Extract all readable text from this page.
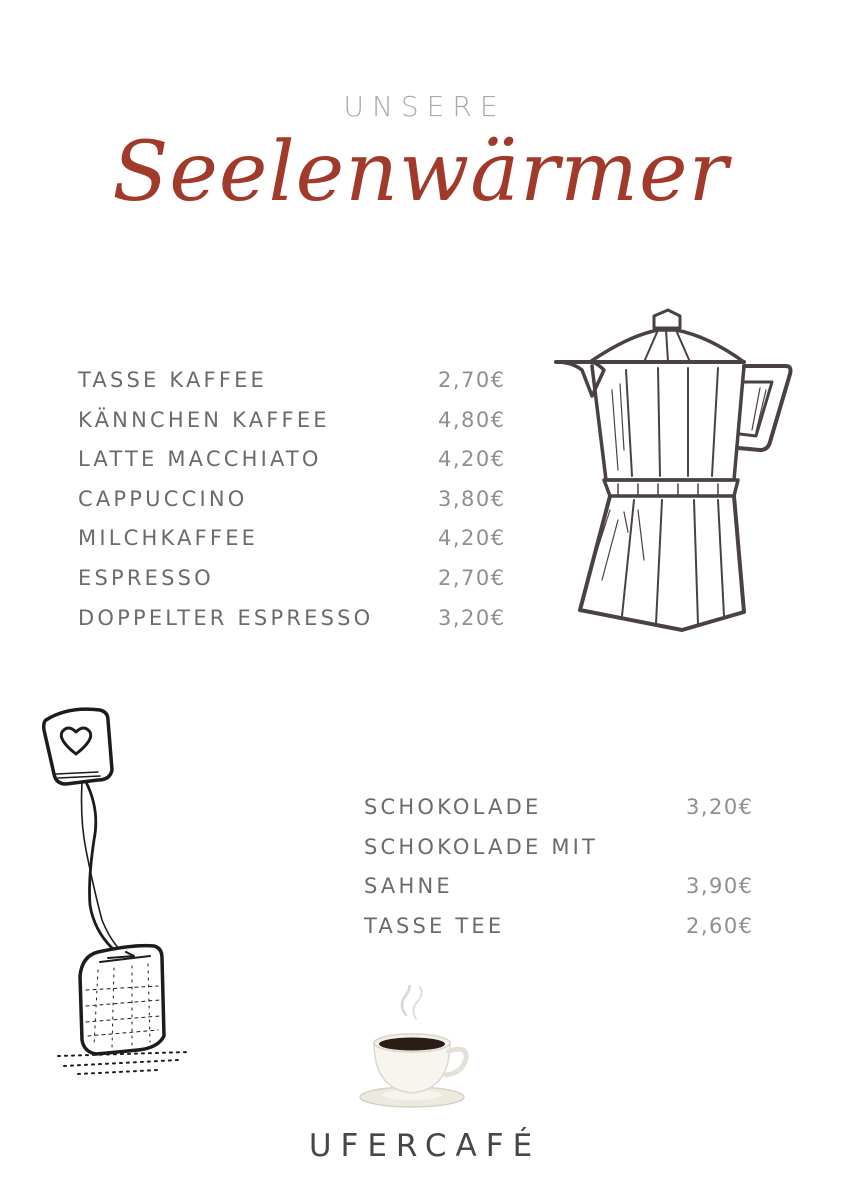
UNSERE
Seelenwärmer
TASSE KAFFEE	2,70€
KÄNNCHEN KAFFEE	4,80€
LATTE MACCHIATO	4,20€
CAPPUCCINO	3,80€
MILCHKAFFEE	4,20€
ESPRESSO	2,70€
DOPPELTER ESPRESSO	3,20€
SCHOKOLADE	3,20€
SCHOKOLADE MIT
SAHNE	3,90€
TASSE TEE	2,60€
UFERCAFÉ
